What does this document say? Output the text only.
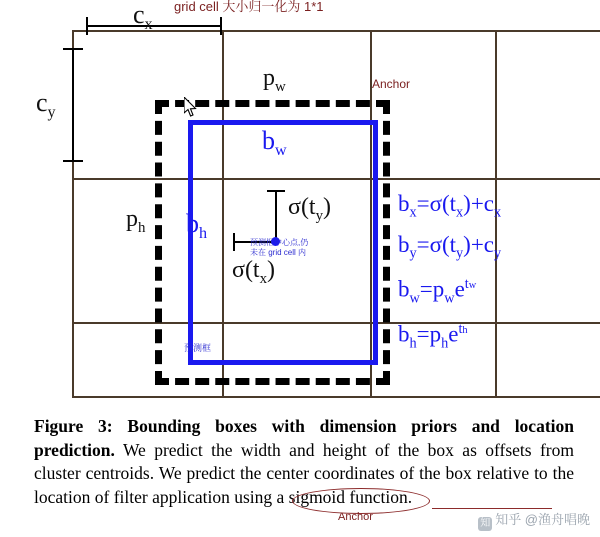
$c_x$
$c_y$
$p_w$
$p_h$
$b_w$
$b_h$
$\sigma(t_y)$
$\sigma(t_x)$
grid cell 大小归一化为 1*1
Anchor
预测框中心点,仍未在 grid cell 内
预测框
$b_x=\sigma(t_x)+c_x$
$b_y=\sigma(t_y)+c_y$
$b_w=p_we^{tw}$
$b_h=p_he^{th}$
Figure 3: Bounding boxes with dimension priors and location prediction. We predict the width and height of the box as offsets from cluster centroids. We predict the center coordinates of the box relative to the location of filter application using a sigmoid function.
Anchor
知 知乎 @渔舟唱晚
